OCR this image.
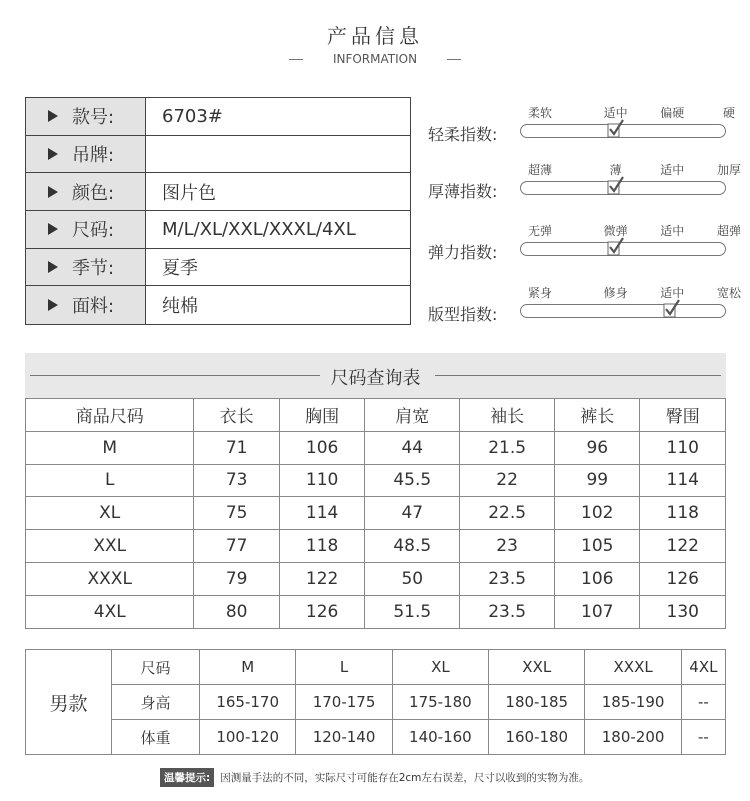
产品信息
INFORMATION
款号:	6703#
吊牌:
颜色:	图片色
尺码:	M/L/XL/XXL/XXXL/4XL
季节:	夏季
面料:	纯棉
轻柔指数:
柔软	适中	偏硬	硬
厚薄指数:
超薄	薄	适中	加厚
弹力指数:
无弹	微弹	适中	超弹
版型指数:
紧身	修身	适中	宽松
尺码查询表
商品尺码	衣长	胸围	肩宽	袖长	裤长	臀围
M	71	106	44	21.5	96	110
L	73	110	45.5	22	99	114
XL	75	114	47	22.5	102	118
XXL	77	118	48.5	23	105	122
XXXL	79	122	50	23.5	106	126
4XL	80	126	51.5	23.5	107	130
男款	尺码	M	L	XL	XXL	XXXL	4XL
	身高	165-170	170-175	175-180	180-185	185-190	--
	体重	100-120	120-140	140-160	160-180	180-200	--
温馨提示: 因测量手法的不同，实际尺寸可能存在2cm左右误差，尺寸以收到的实物为准。
